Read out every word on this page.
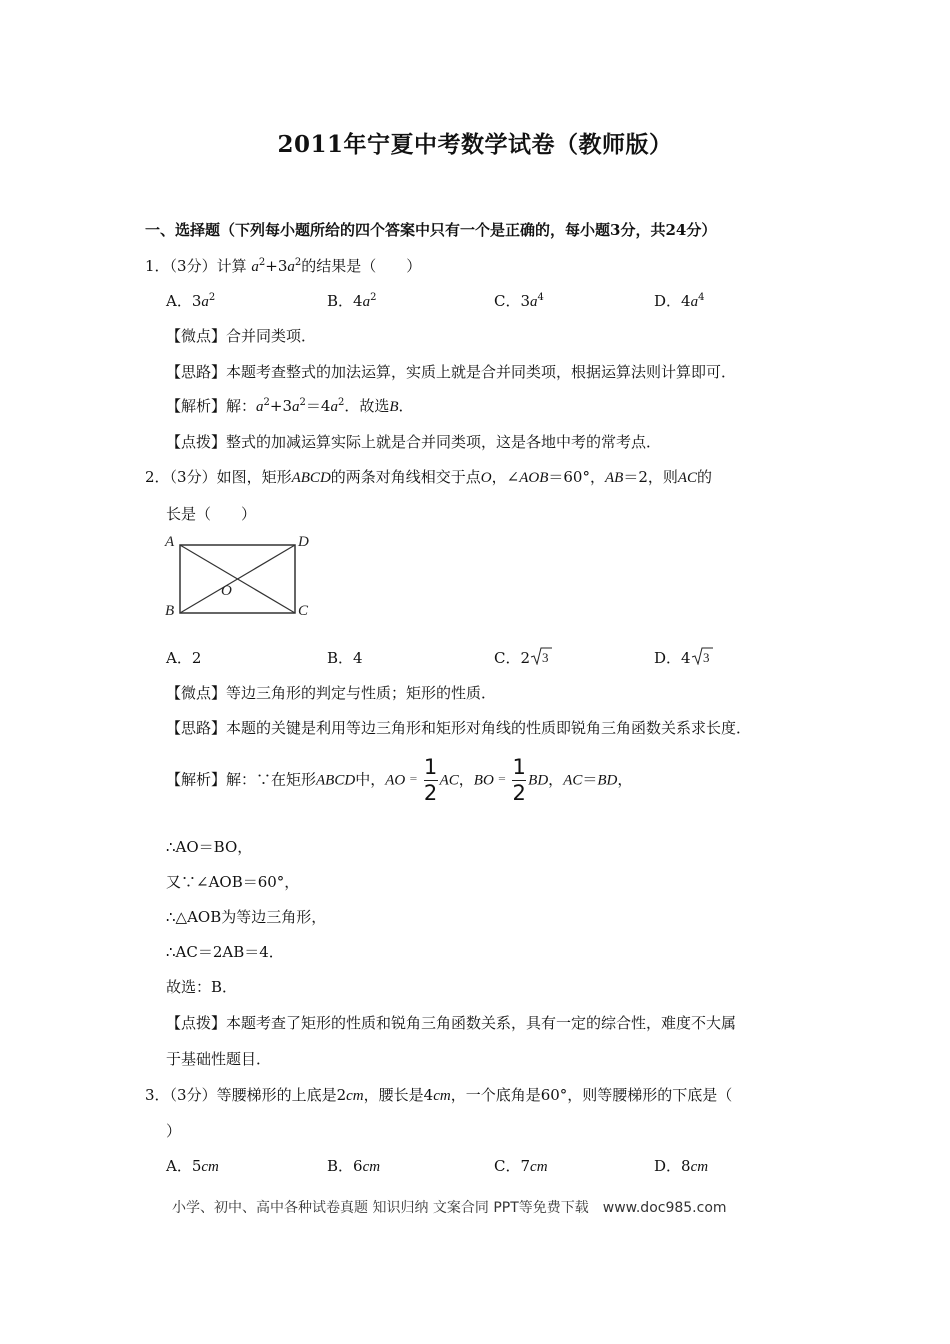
2011年宁夏中考数学试卷（教师版）
一、选择题（下列每小题所给的四个答案中只有一个是正确的，每小题3分，共24分）
1．（3分）计算 $a^2+3a^2$的结果是（　　）
A．$3a^2$	B．$4a^2$	C．$3a^4$	D．$4a^4$
【微点】合并同类项．
【思路】本题考查整式的加法运算，实质上就是合并同类项，根据运算法则计算即可．
【解析】解：$a^2+3a^2=4a^2$．故选B．
【点拨】整式的加减运算实际上就是合并同类项，这是各地中考的常考点．
2．（3分）如图，矩形ABCD的两条对角线相交于点O，∠AOB＝60°，AB＝2，则AC的
长是（　　）
A	D
O
B	C
A．2	B．4	C．2 3	D．4 3
【微点】等边三角形的判定与性质；矩形的性质．
【思路】本题的关键是利用等边三角形和矩形对角线的性质即锐角三角函数关系求长度．
【解析】解：∵在矩形ABCD中，AO $^= \frac{1}{2}$ AC，BO $^= \frac{1}{2}$ BD，AC＝BD，
∴AO＝BO，
又∵∠AOB＝60°，
∴△AOB为等边三角形，
∴AC＝2AB＝4．
故选：B．
【点拨】本题考查了矩形的性质和锐角三角函数关系，具有一定的综合性，难度不大属
于基础性题目．
3．（3分）等腰梯形的上底是2cm，腰长是4cm，一个底角是60°，则等腰梯形的下底是（
）
A．5cm	B．6cm	C．7cm	D．8cm
小学、初中、高中各种试卷真题 知识归纳 文案合同 PPT等免费下载　www.doc985.com
